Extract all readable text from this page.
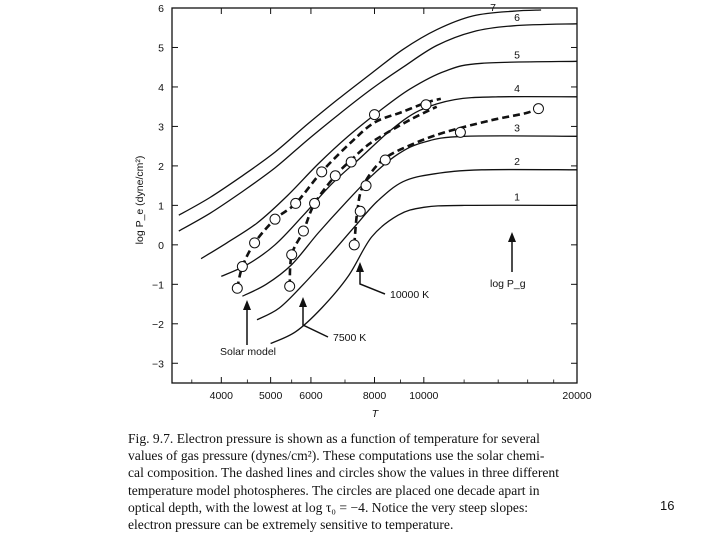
−3
−2
−1
0
1
2
3
4
5
6
4000 5000 6000	8000 10000	20000
1
2
3
4
5
6
7
T
log P_e (dyne/cm²)
Solar model
7500 K
10000 K
log P_g
Fig. 9.7. Electron pressure is shown as a function of temperature for several
values of gas pressure (dynes/cm²). These computations use the solar chemi-
cal composition. The dashed lines and circles show the values in three different
temperature model photospheres. The circles are placed one decade apart in
optical depth, with the lowest at log τ₀ = −4. Notice the very steep slopes:
electron pressure can be extremely sensitive to temperature.
16
